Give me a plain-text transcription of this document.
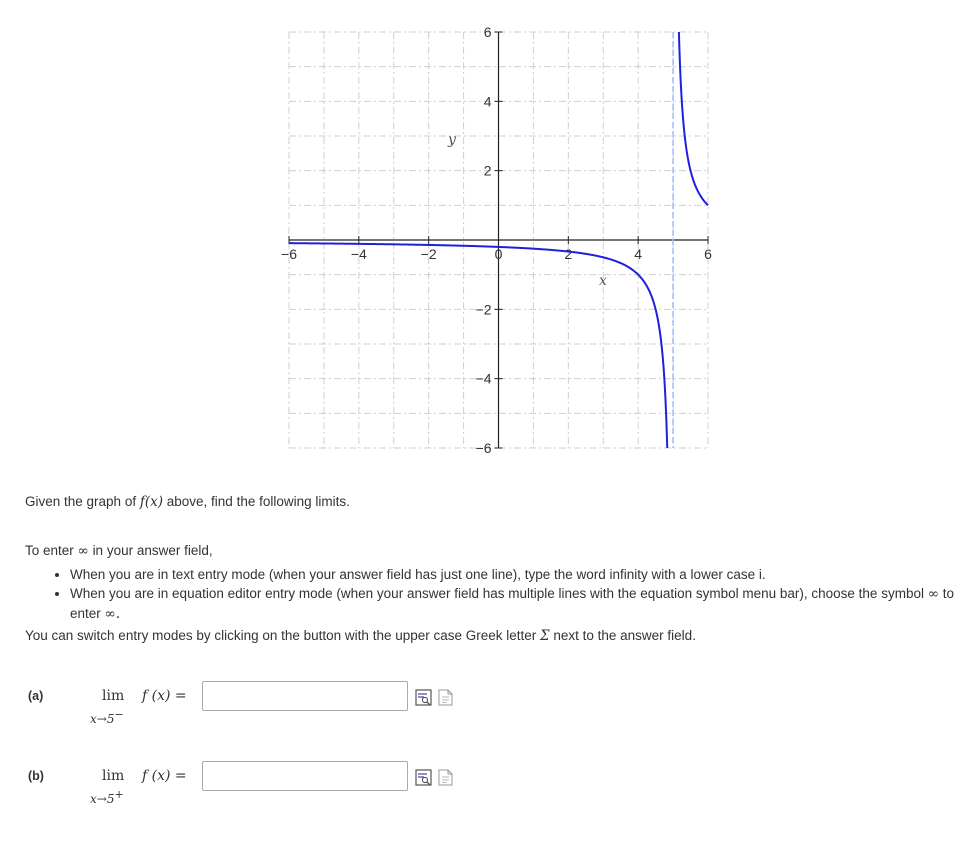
−6	−4	−2	0	2	4	6
6
4
2
−2
−4
−6
y
x
Given the graph of f(x) above, find the following limits.
To enter ∞ in your answer field,
• When you are in text entry mode (when your answer field has just one line), type the word infinity with a lower case i.
• When you are in equation editor entry mode (when your answer field has multiple lines with the equation symbol menu bar), choose the symbol ∞ to enter ∞.
You can switch entry modes by clicking on the button with the upper case Greek letter Σ next to the answer field.
(a)	lim
x→5−
f (x) =
(b)	lim
x→5+
f (x) =
